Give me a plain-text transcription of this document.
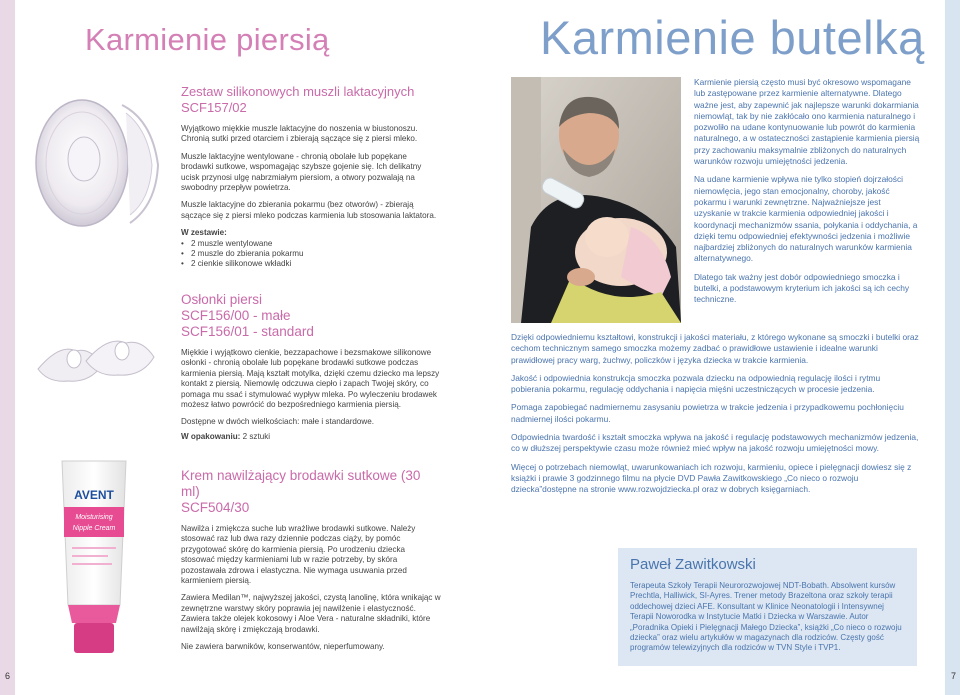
6	7
Karmienie piersią	Karmienie butelką
AVENT
Moisturising
Nipple Cream
Zestaw silikonowych muszli laktacyjnych
SCF157/02

Wyjątkowo miękkie muszle laktacyjne do noszenia w biustonoszu. Chronią sutki przed otarciem i zbierają sączące się z piersi mleko.

Muszle laktacyjne wentylowane - chronią obolałe lub popękane brodawki sutkowe, wspomagając szybsze gojenie się. Ich delikatny ucisk przynosi ulgę nabrzmiałym piersiom, a otwory pozwalają na swobodny przepływ powietrza.

Muszle laktacyjne do zbierania pokarmu (bez otworów) - zbierają sączące się z piersi mleko podczas karmienia lub stosowania laktatora.

W zestawie:

• 2 muszle wentylowane
• 2 muszle do zbierania pokarmu
• 2 cienkie silikonowe wkładki
Osłonki piersi
SCF156/00 - małe
SCF156/01 - standard

Miękkie i wyjątkowo cienkie, bezzapachowe i bezsmakowe silikonowe osłonki - chronią obolałe lub popękane brodawki sutkowe podczas karmienia piersią. Mają kształt motylka, dzięki czemu dziecko ma lepszy kontakt z piersią. Niemowlę odczuwa ciepło i zapach Twojej skóry, co pomaga mu ssać i stymulować wypływ mleka. Po wyleczeniu brodawek możesz łatwo powrócić do bezpośredniego karmienia piersią.

Dostępne w dwóch wielkościach: małe i standardowe.

W opakowaniu: 2 sztuki

Krem nawilżający brodawki sutkowe (30 ml)
SCF504/30

Nawilża i zmiękcza suche lub wrażliwe brodawki sutkowe. Należy stosować raz lub dwa razy dziennie podczas ciąży, by pomóc przygotować skórę do karmienia piersią. Po urodzeniu dziecka stosować między karmieniami lub w razie potrzeby, by skóra pozostawała zdrowa i elastyczna. Nie wymaga usuwania przed karmieniem piersią.

Zawiera Medilan™, najwyższej jakości, czystą lanolinę, która wnikając w zewnętrzne warstwy skóry poprawia jej nawilżenie i elastyczność. Zawiera także olejek kokosowy i Aloe Vera - naturalne składniki, które nawilżają skórę i zmiękczają brodawki.

Nie zawiera barwników, konserwantów, nieperfumowany.

Karmienie piersią często musi być okresowo wspomagane lub zastępowane przez karmienie alternatywne. Dlatego ważne jest, aby zapewnić jak najlepsze warunki dokarmiania niemowląt, tak by nie zakłócało ono karmienia naturalnego i pozwoliło na udane kontynuowanie lub powrót do karmienia naturalnego, a w ostateczności zastąpienie karmienia piersią przy zachowaniu maksymalnie zbliżonych do naturalnych warunków rozwoju umiejętności jedzenia.

Na udane karmienie wpływa nie tylko stopień dojrzałości niemowlęcia, jego stan emocjonalny, choroby, jakość pokarmu i warunki zewnętrzne. Najważniejsze jest uzyskanie w trakcie karmienia odpowiedniej jakości i koordynacji mechanizmów ssania, połykania i oddychania, a dzięki temu odpowiedniej efektywności jedzenia i możliwie najbardziej zbliżonych do naturalnych warunków karmienia alternatywnego.

Dlatego tak ważny jest dobór odpowiedniego smoczka i butelki, a podstawowym kryterium ich jakości są ich cechy techniczne.

Dzięki odpowiedniemu kształtowi, konstrukcji i jakości materiału, z którego wykonane są smoczki i butelki oraz cechom technicznym samego smoczka możemy zadbać o prawidłowe ustawienie i idealne warunki prawidłowej pracy warg, żuchwy, policzków i języka dziecka w trakcie karmienia.

Jakość i odpowiednia konstrukcja smoczka pozwala dziecku na odpowiednią regulację ilości i rytmu pobierania pokarmu, regulację oddychania i napięcia mięśni uczestniczących w procesie jedzenia.

Pomaga zapobiegać nadmiernemu zasysaniu powietrza w trakcie jedzenia i przypadkowemu pochłonięciu nadmiernej ilości pokarmu.

Odpowiednia twardość i kształt smoczka wpływa na jakość i regulację podstawowych mechanizmów jedzenia, co w dłuższej perspektywie czasu może również mieć wpływ na jakość rozwoju umiejętności mowy.

Więcej o potrzebach niemowląt, uwarunkowaniach ich rozwoju, karmieniu, opiece i pielęgnacji dowiesz się z książki i prawie 3 godzinnego filmu na płycie DVD Pawła Zawitkowskiego „Co nieco o rozwoju dziecka”dostępne na stronie www.rozwojdziecka.pl oraz w dobrych księgarniach.

Paweł Zawitkowski

Terapeuta Szkoły Terapii Neurorozwojowej NDT-Bobath. Absolwent kursów Prechtla, Halliwick, SI-Ayres. Trener metody Brazeltona oraz szkoły terapii oddechowej dzieci AFE. Konsultant w Klinice Neonatologii i Intensywnej Terapii Noworodka w Instytucie Matki i Dziecka w Warszawie. Autor „Poradnika Opieki i Pielęgnacji Małego Dziecka”, książki „Co nieco o rozwoju dziecka” oraz wielu artykułów w magazynach dla rodziców. Częsty gość programów telewizyjnych dla rodziców w TVN Style i TVP1.
